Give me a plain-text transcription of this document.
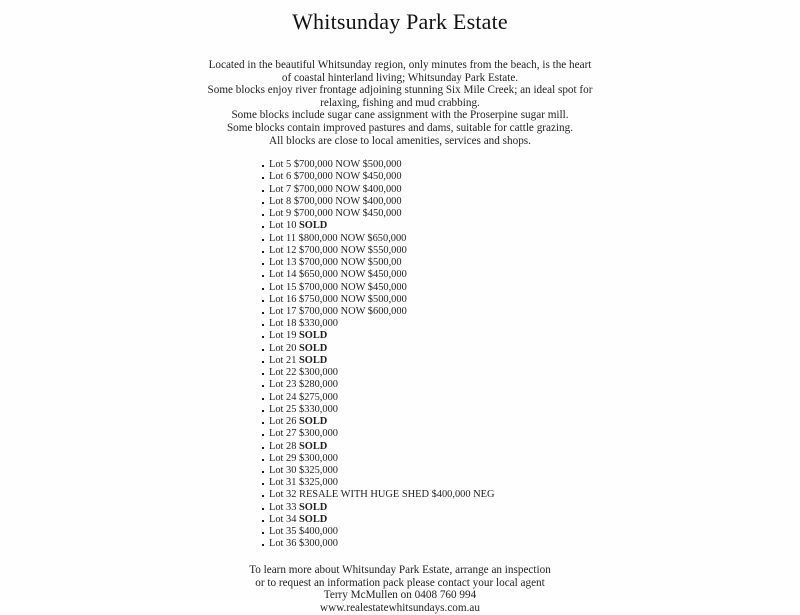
Whitsunday Park Estate

Located in the beautiful Whitsunday region, only minutes from the beach, is the heart

of coastal hinterland living; Whitsunday Park Estate.

Some blocks enjoy river frontage adjoining stunning Six Mile Creek; an ideal spot for

relaxing, fishing and mud crabbing.

Some blocks include sugar cane assignment with the Proserpine sugar mill.

Some blocks contain improved pastures and dams, suitable for cattle grazing.

All blocks are close to local amenities, services and shops.

Lot 5 $700,000 NOW $500,000
Lot 6 $700,000 NOW $450,000
Lot 7 $700,000 NOW $400,000
Lot 8 $700,000 NOW $400,000
Lot 9 $700,000 NOW $450,000
Lot 10 SOLD
Lot 11 $800,000 NOW $650,000
Lot 12 $700,000 NOW $550,000
Lot 13 $700,000 NOW $500,00
Lot 14 $650,000 NOW $450,000
Lot 15 $700,000 NOW $450,000
Lot 16 $750,000 NOW $500,000
Lot 17 $700,000 NOW $600,000
Lot 18 $330,000
Lot 19 SOLD
Lot 20 SOLD
Lot 21 SOLD
Lot 22 $300,000
Lot 23 $280,000
Lot 24 $275,000
Lot 25 $330,000
Lot 26 SOLD
Lot 27 $300,000
Lot 28 SOLD
Lot 29 $300,000
Lot 30 $325,000
Lot 31 $325,000
Lot 32 RESALE WITH HUGE SHED $400,000 NEG
Lot 33 SOLD
Lot 34 SOLD
Lot 35 $400,000
Lot 36 $300,000

To learn more about Whitsunday Park Estate, arrange an inspection

or to request an information pack please contact your local agent

Terry McMullen on 0408 760 994

www.realestatewhitsundays.com.au
